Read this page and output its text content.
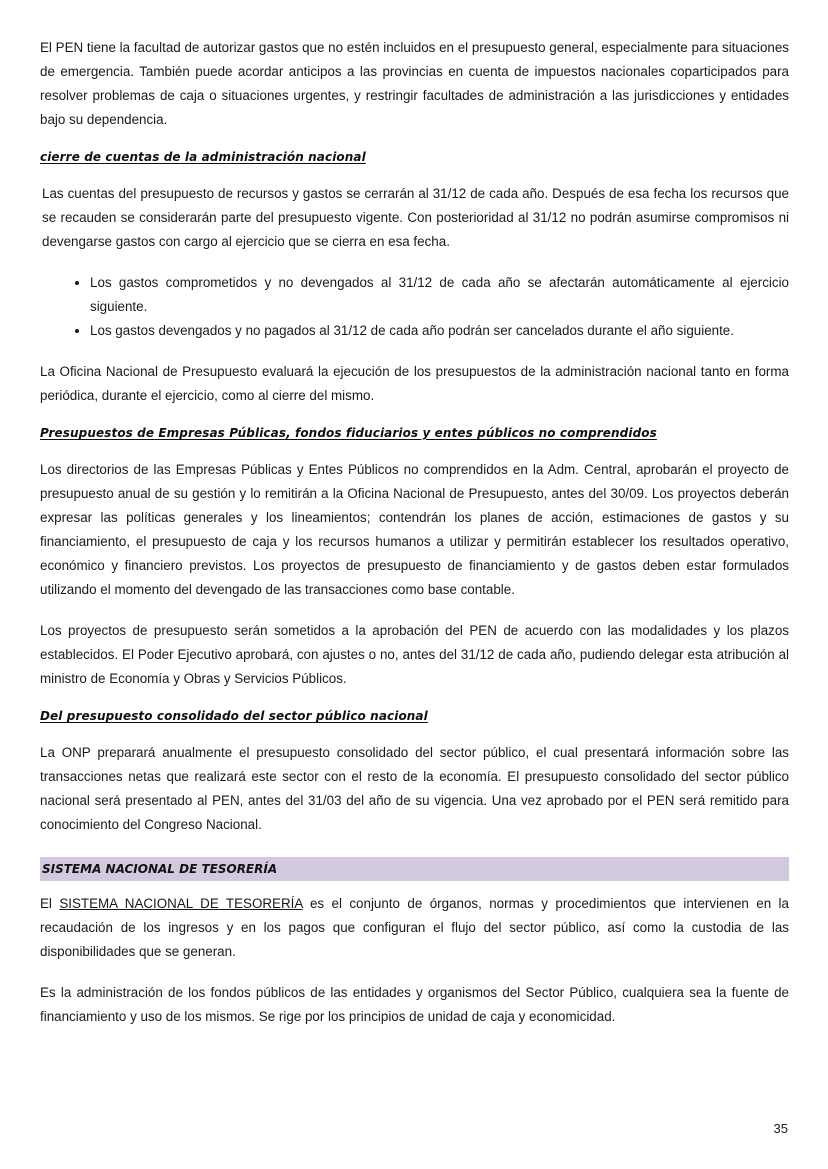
El PEN tiene la facultad de autorizar gastos que no estén incluidos en el presupuesto general, especialmente para situaciones de emergencia. También puede acordar anticipos a las provincias en cuenta de impuestos nacionales coparticipados para resolver problemas de caja o situaciones urgentes, y restringir facultades de administración a las jurisdicciones y entidades bajo su dependencia.

cierre de cuentas de la administración nacional

Las cuentas del presupuesto de recursos y gastos se cerrarán al 31/12 de cada año. Después de esa fecha los recursos que se recauden se considerarán parte del presupuesto vigente. Con posterioridad al 31/12 no podrán asumirse compromisos ni devengarse gastos con cargo al ejercicio que se cierra en esa fecha.

• Los gastos comprometidos y no devengados al 31/12 de cada año se afectarán automáticamente al ejercicio siguiente.
• Los gastos devengados y no pagados al 31/12 de cada año podrán ser cancelados durante el año siguiente.

La Oficina Nacional de Presupuesto evaluará la ejecución de los presupuestos de la administración nacional tanto en forma periódica, durante el ejercicio, como al cierre del mismo.

Presupuestos de Empresas Públicas, fondos fiduciarios y entes públicos no comprendidos

Los directorios de las Empresas Públicas y Entes Públicos no comprendidos en la Adm. Central, aprobarán el proyecto de presupuesto anual de su gestión y lo remitirán a la Oficina Nacional de Presupuesto, antes del 30/09. Los proyectos deberán expresar las políticas generales y los lineamientos; contendrán los planes de acción, estimaciones de gastos y su financiamiento, el presupuesto de caja y los recursos humanos a utilizar y permitirán establecer los resultados operativo, económico y financiero previstos. Los proyectos de presupuesto de financiamiento y de gastos deben estar formulados utilizando el momento del devengado de las transacciones como base contable.

Los proyectos de presupuesto serán sometidos a la aprobación del PEN de acuerdo con las modalidades y los plazos establecidos. El Poder Ejecutivo aprobará, con ajustes o no, antes del 31/12 de cada año, pudiendo delegar esta atribución al ministro de Economía y Obras y Servicios Públicos.

Del presupuesto consolidado del sector público nacional

La ONP preparará anualmente el presupuesto consolidado del sector público, el cual presentará información sobre las transacciones netas que realizará este sector con el resto de la economía. El presupuesto consolidado del sector público nacional será presentado al PEN, antes del 31/03 del año de su vigencia. Una vez aprobado por el PEN será remitido para conocimiento del Congreso Nacional.

SISTEMA NACIONAL DE TESORERÍA

El SISTEMA NACIONAL DE TESORERÍA es el conjunto de órganos, normas y procedimientos que intervienen en la recaudación de los ingresos y en los pagos que configuran el flujo del sector público, así como la custodia de las disponibilidades que se generan.

Es la administración de los fondos públicos de las entidades y organismos del Sector Público, cualquiera sea la fuente de financiamiento y uso de los mismos. Se rige por los principios de unidad de caja y economicidad.

35
